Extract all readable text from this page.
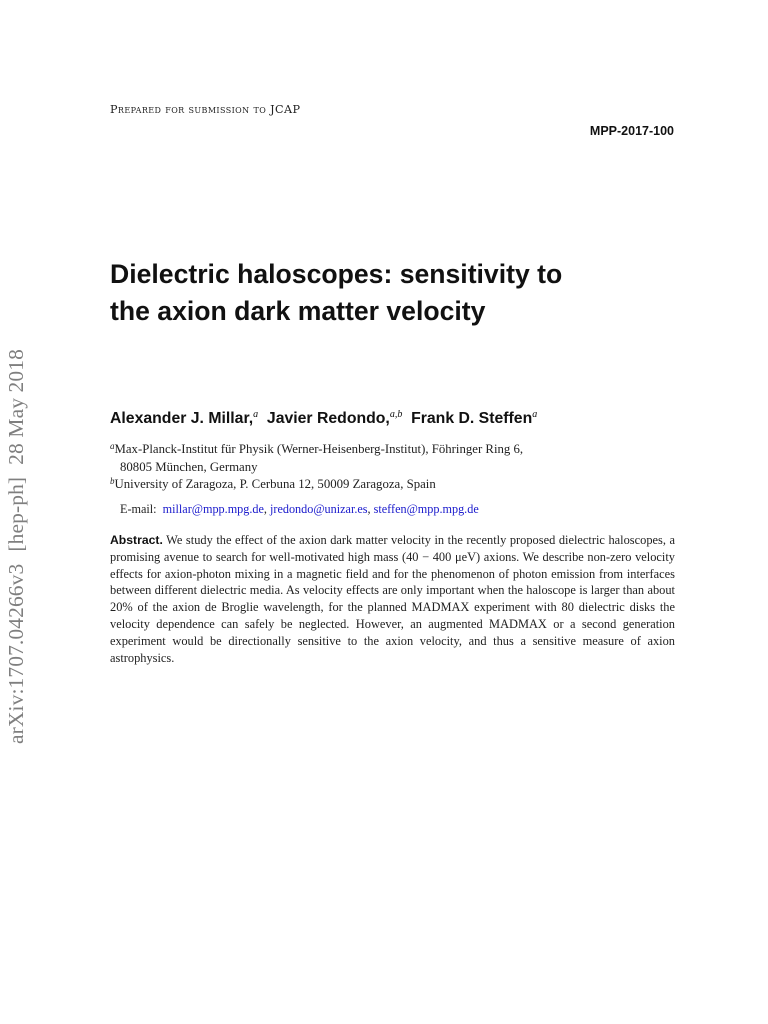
arXiv:1707.04266v3[hep-ph]28 May 2018
Prepared for submission to JCAP
MPP-2017-100
Dielectric haloscopes: sensitivity to
the axion dark matter velocity
Alexander J. Millar,$^a$ Javier Redondo,$^{a,b}$ Frank D. Steffen$^a$
$^a$Max-Planck-Institut für Physik (Werner-Heisenberg-Institut), Föhringer Ring 6,
80805 München, Germany
$^b$University of Zaragoza, P. Cerbuna 12, 50009 Zaragoza, Spain
E-mail: millar@mpp.mpg.de, jredondo@unizar.es, steffen@mpp.mpg.de

Abstract. We study the effect of the axion dark matter velocity in the recently proposed dielectric haloscopes, a promising avenue to search for well-motivated high mass (40 − 400 μeV) axions. We describe non-zero velocity effects for axion-photon mixing in a magnetic field and for the phenomenon of photon emission from interfaces between different dielectric media. As velocity effects are only important when the haloscope is larger than about 20% of the axion de Broglie wavelength, for the planned MADMAX experiment with 80 dielectric disks the velocity dependence can safely be neglected. However, an augmented MADMAX or a second generation experiment would be directionally sensitive to the axion velocity, and thus a sensitive measure of axion astrophysics.
